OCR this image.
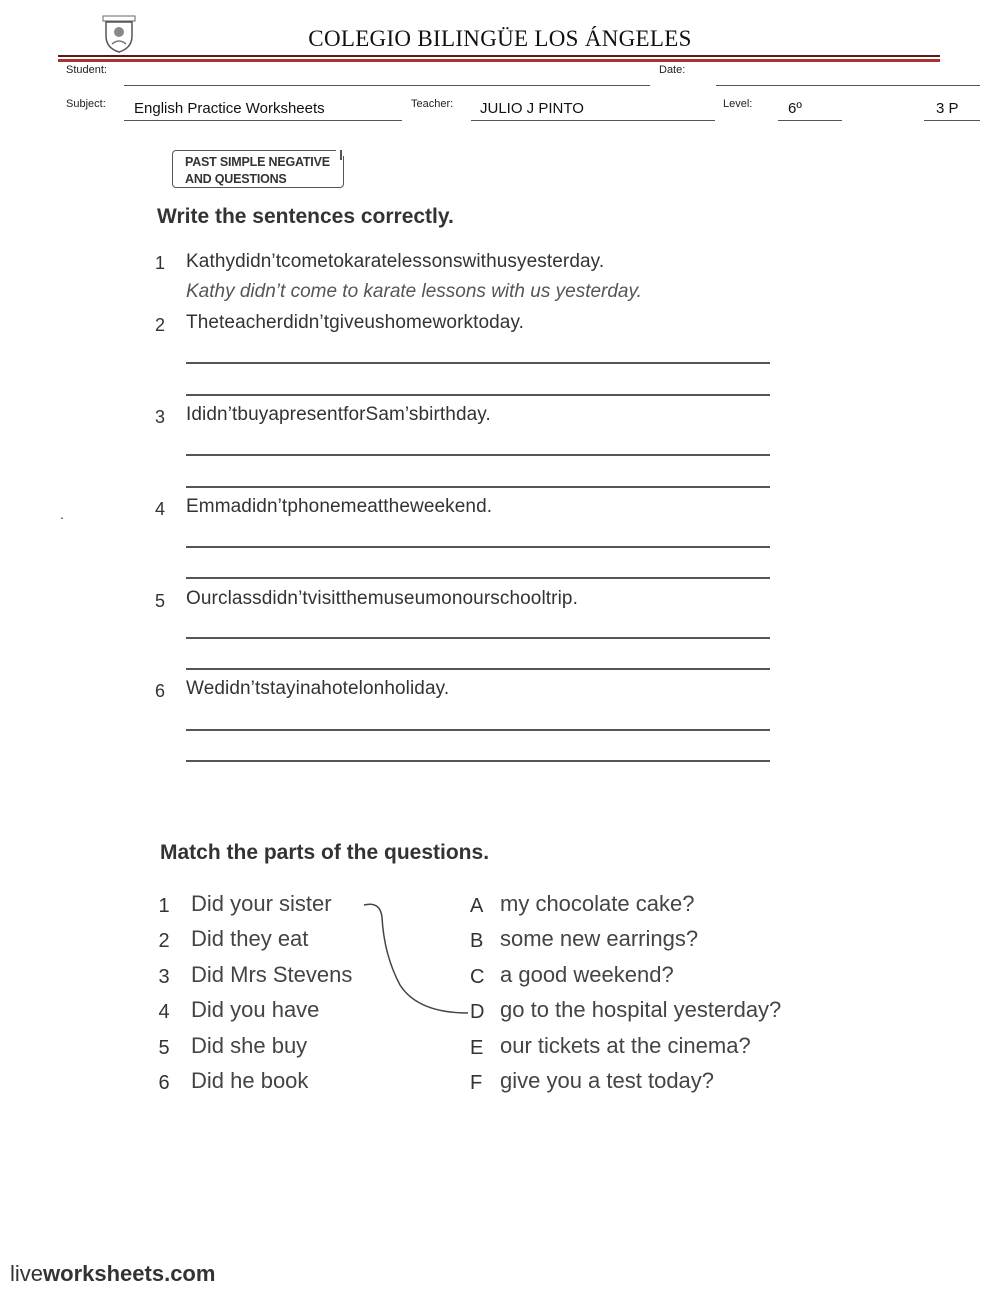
COLEGIO BILINGÜE LOS ÁNGELES
Student:	Date:
Subject: English Practice Worksheets	Teacher: JULIO J PINTO	Level: 6º	3 P
PAST SIMPLE NEGATIVE
AND QUESTIONS
Write the sentences correctly.
1 Kathydidn’tcometokaratelessonswithusyesterday.
Kathy didn’t come to karate lessons with us yesterday.
2 Theteacherdidn’tgiveushomeworktoday.
3 Ididn’tbuyapresentforSam’sbirthday.
.	4 Emmadidn’tphonemeattheweekend.
5 Ourclassdidn’tvisitthemuseumonourschooltrip.
6 Wedidn’tstayinahotelonholiday.
Match the parts of the questions.
1 Did your sister
2 Did they eat
3 Did Mrs Stevens
4 Did you have
5 Did she buy
6 Did he book
A my chocolate cake?
B some new earrings?
C a good weekend?
D go to the hospital yesterday?
E our tickets at the cinema?
F give you a test today?
liveworksheets.com
